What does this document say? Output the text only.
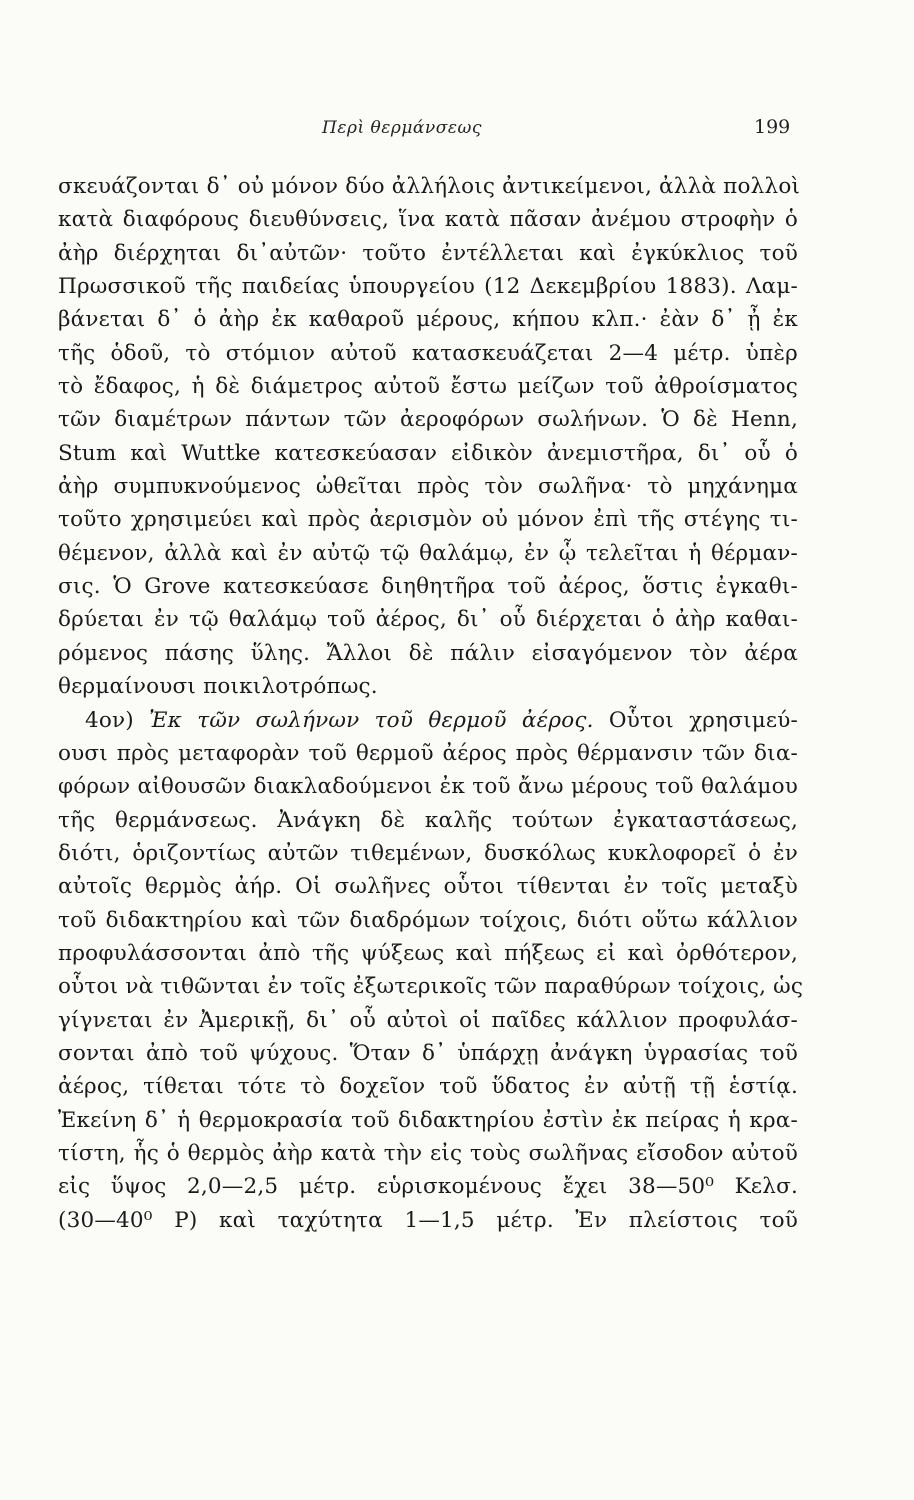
Περὶ θερμάνσεως	199
σκευάζονται δ᾽ οὐ μόνον δύο ἀλλήλοις ἀντικείμενοι, ἀλλὰ πολλοὶ
κατὰ διαφόρους διευθύνσεις, ἵνα κατὰ πᾶσαν ἀνέμου στροφὴν ὁ
ἀὴρ διέρχηται δι᾽αὐτῶν· τοῦτο ἐντέλλεται καὶ ἐγκύκλιος τοῦ
Πρωσσικοῦ τῆς παιδείας ὑπουργείου (12 Δεκεμβρίου 1883). Λαμ-
βάνεται δ᾽ ὁ ἀὴρ ἐκ καθαροῦ μέρους, κήπου κλπ.· ἐὰν δ᾽ ᾖ ἐκ
τῆς ὁδοῦ, τὸ στόμιον αὐτοῦ κατασκευάζεται 2—4 μέτρ. ὑπὲρ
τὸ ἔδαφος, ἡ δὲ διάμετρος αὐτοῦ ἔστω μείζων τοῦ ἀθροίσματος
τῶν διαμέτρων πάντων τῶν ἀεροφόρων σωλήνων. Ὁ δὲ Henn,
Stum καὶ Wuttke κατεσκεύασαν εἰδικὸν ἀνεμιστῆρα, δι᾽ οὗ ὁ
ἀὴρ συμπυκνούμενος ὠθεῖται πρὸς τὸν σωλῆνα· τὸ μηχάνημα
τοῦτο χρησιμεύει καὶ πρὸς ἀερισμὸν οὐ μόνον ἐπὶ τῆς στέγης τι-
θέμενον, ἀλλὰ καὶ ἐν αὐτῷ τῷ θαλάμῳ, ἐν ᾧ τελεῖται ἡ θέρμαν-
σις. Ὁ Grove κατεσκεύασε διηθητῆρα τοῦ ἀέρος, ὅστις ἐγκαθι-
δρύεται ἐν τῷ θαλάμῳ τοῦ ἀέρος, δι᾽ οὗ διέρχεται ὁ ἀὴρ καθαι-
ρόμενος πάσης ὕλης. Ἄλλοι δὲ πάλιν εἰσαγόμενον τὸν ἀέρα
θερμαίνουσι ποικιλοτρόπως.
4ον) Ἐκ τῶν σωλήνων τοῦ θερμοῦ ἀέρος. Οὗτοι χρησιμεύ-
ουσι πρὸς μεταφορὰν τοῦ θερμοῦ ἀέρος πρὸς θέρμανσιν τῶν δια-
φόρων αἰθουσῶν διακλαδούμενοι ἐκ τοῦ ἄνω μέρους τοῦ θαλάμου
τῆς θερμάνσεως. Ἀνάγκη δὲ καλῆς τούτων ἐγκαταστάσεως,
διότι, ὁριζοντίως αὐτῶν τιθεμένων, δυσκόλως κυκλοφορεῖ ὁ ἐν
αὐτοῖς θερμὸς ἀήρ. Οἱ σωλῆνες οὗτοι τίθενται ἐν τοῖς μεταξὺ
τοῦ διδακτηρίου καὶ τῶν διαδρόμων τοίχοις, διότι οὕτω κάλλιον
προφυλάσσονται ἀπὸ τῆς ψύξεως καὶ πήξεως εἰ καὶ ὀρθότερον,
οὗτοι νὰ τιθῶνται ἐν τοῖς ἐξωτερικοῖς τῶν παραθύρων τοίχοις, ὡς
γίγνεται ἐν Ἀμερικῇ, δι᾽ οὗ αὐτοὶ οἱ παῖδες κάλλιον προφυλάσ-
σονται ἀπὸ τοῦ ψύχους. Ὅταν δ᾽ ὑπάρχῃ ἀνάγκη ὑγρασίας τοῦ
ἀέρος, τίθεται τότε τὸ δοχεῖον τοῦ ὕδατος ἐν αὐτῇ τῇ ἑστίᾳ.
Ἐκείνη δ᾽ ἡ θερμοκρασία τοῦ διδακτηρίου ἐστὶν ἐκ πείρας ἡ κρα-
τίστη, ἧς ὁ θερμὸς ἀὴρ κατὰ τὴν εἰς τοὺς σωλῆνας εἴσοδον αὐτοῦ
εἰς ὕψος 2,0—2,5 μέτρ. εὑρισκομένους ἔχει 38—50⁰ Κελσ.
(30—40⁰ Ρ) καὶ ταχύτητα 1—1,5 μέτρ. Ἐν πλείστοις τοῦ
